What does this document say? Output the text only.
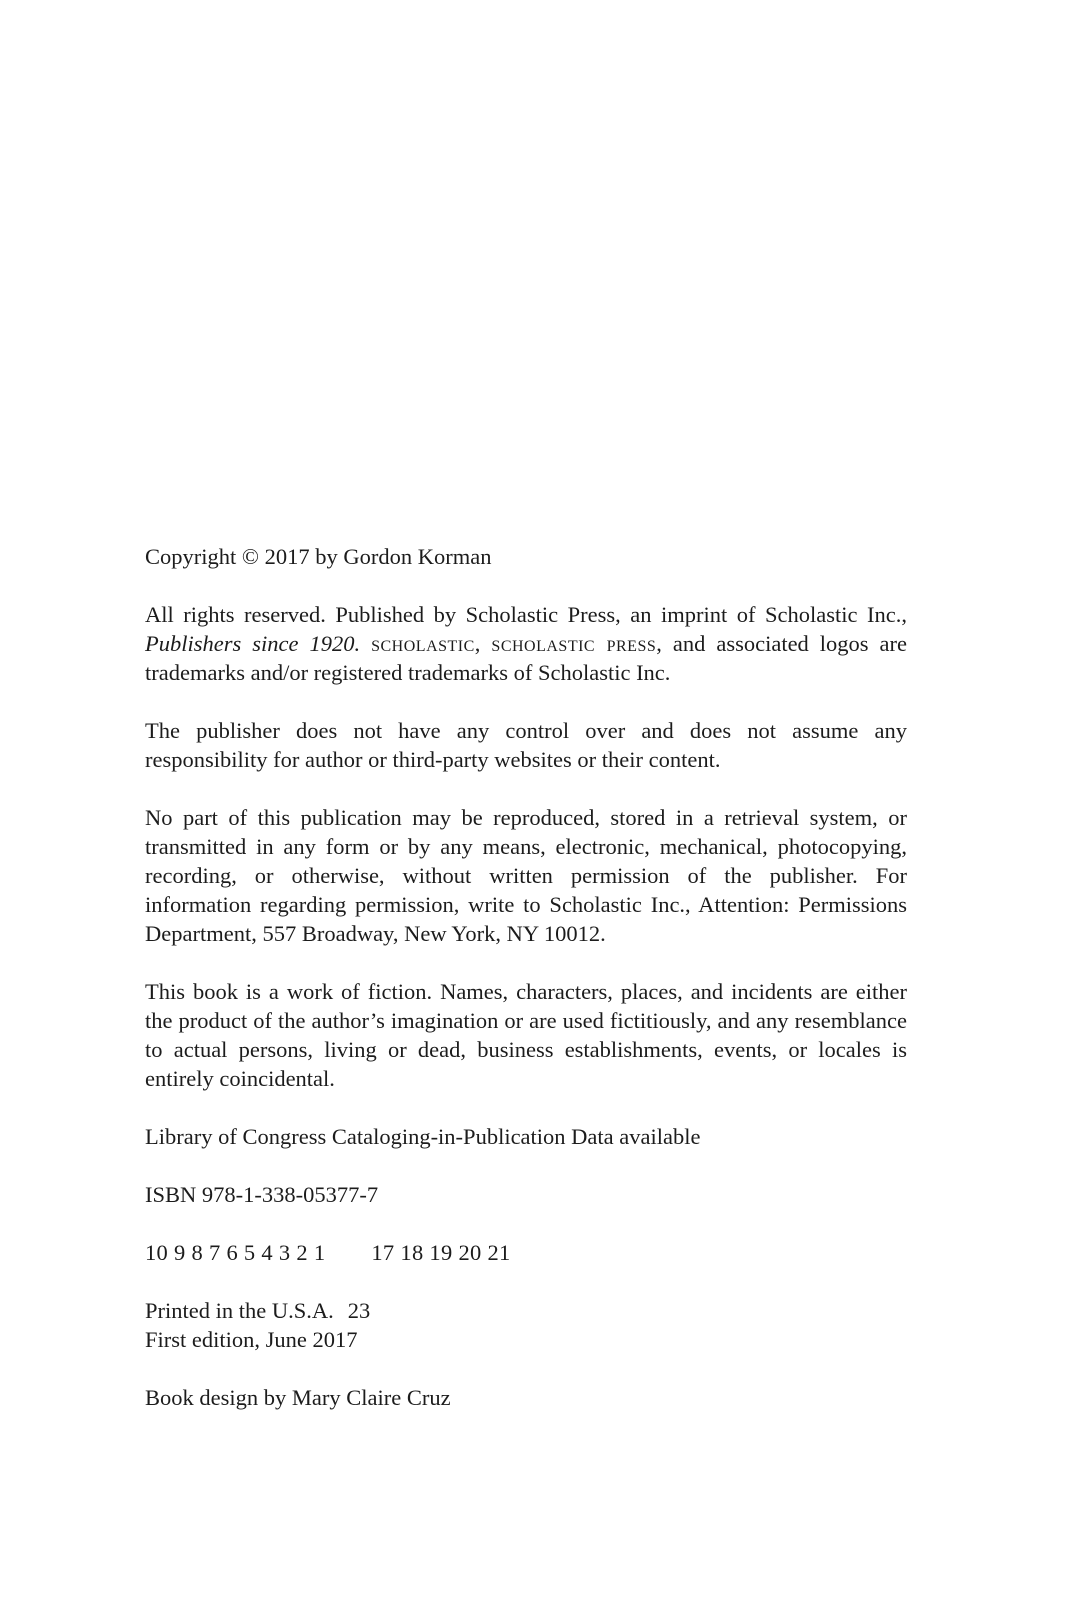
Copyright © 2017 by Gordon Korman

All rights reserved. Published by Scholastic Press, an imprint of Scholastic Inc., Publishers since 1920. scholastic, scholastic press, and associated logos are trademarks and/or registered trademarks of Scholastic Inc.

The publisher does not have any control over and does not assume any responsibility for author or third-party websites or their content.

No part of this publication may be reproduced, stored in a retrieval system, or transmitted in any form or by any means, electronic, mechanical, photocopying, recording, or otherwise, without written permission of the publisher. For information regarding permission, write to Scholastic Inc., Attention: Permissions Department, 557 Broadway, New York, NY 10012.

This book is a work of fiction. Names, characters, places, and incidents are either the product of the author’s imagination or are used fictitiously, and any resemblance to actual persons, living or dead, business establishments, events, or locales is entirely coincidental.

Library of Congress Cataloging-in-Publication Data available

ISBN 978-1-338-05377-7

10 9 8 7 6 5 4 3 2 1 17 18 19 20 21

Printed in the U.S.A. 23
First edition, June 2017

Book design by Mary Claire Cruz
